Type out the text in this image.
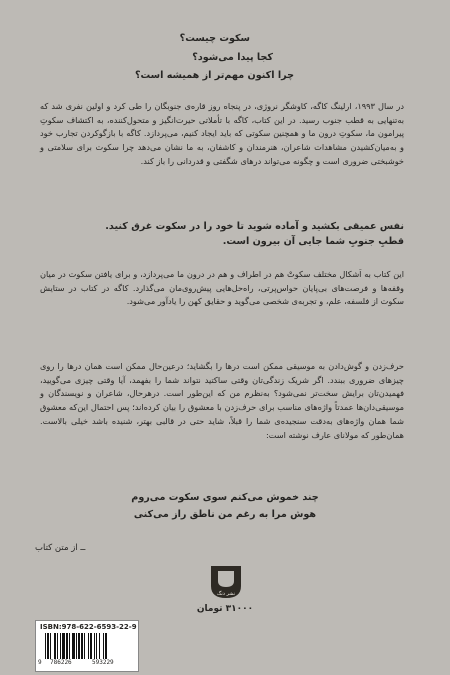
سکوت چیست؟
کجا پیدا می‌شود؟
چرا اکنون مهم‌تر از همیشه است؟
در سال ۱۹۹۳، ارلینگ کاگه، کاوشگر نروژی، در پنجاه روز قاره‌ی جنوبگان را طی کرد و اولین نفری شد که به‌تنهایی به قطب جنوب رسید. در این کتاب، کاگه با تأملاتی حیرت‌انگیز و متحول‌کننده، به اکتشاف سکوتِ پیرامون ما، سکوتِ درون ما و همچنین سکوتی که باید ایجاد کنیم، می‌پردازد. کاگه با بازگوکردن تجارب خود و به‌میان‌کشیدن مشاهدات شاعران، هنرمندان و کاشفان، به ما نشان می‌دهد چرا سکوت برای سلامتی و خوشبختی ضروری است و چگونه می‌تواند درهای شگفتی و قدردانی را باز کند.
نفس عمیقی بکشید و آماده شوید تا خود را در سکوت غرق کنید.
قطبِ جنوبِ شما جایی آن بیرون است.
این کتاب به اَشکال مختلف سکوتْ هم در اطراف و هم در درون ما می‌پردازد، و برای یافتن سکوت در میان وقفه‌ها و فرصت‌های بی‌پایان حواس‌پرتی، راه‌حل‌هایی پیش‌روی‌مان می‌گذارد. کاگه در کتاب در ستایش سکوت از فلسفه، علم، و تجربه‌ی شخصی می‌گوید و حقایق کهن را یادآور می‌شود.
حرف‌زدن و گوش‌دادن به موسیقی ممکن است درها را بگشاید؛ درعین‌حال ممکن است همان درها را روی چیزهای ضروری ببندد. اگر شریک زندگی‌تان وقتی ساکتید نتواند شما را بفهمد، آیا وقتی چیزی می‌گویید، فهمیدن‌تان برایش سخت‌تر نمی‌شود؟ به‌نظرم من که این‌طور است. درهرحال، شاعران و نویسندگان و موسیقی‌دان‌ها عمدتاً واژه‌های مناسب برای حرف‌زدن با معشوق را بیان کرده‌اند؛ پس احتمال این‌که معشوق شما همان واژه‌های به‌دقت سنجیده‌ی شما را قبلاً، شاید حتی در قالبی بهتر، شنیده باشد خیلی بالاست. همان‌طور که مولانای عارف نوشته است:
چند خموش می‌کنم سوی سکوت می‌روم
هوش مرا به رغم من ناطق راز می‌کنی
ــ از متن کتاب
نشر دنگ
۳۱۰۰۰ تومان
ISBN:978-622-6593-22-9
9 786226	593229
